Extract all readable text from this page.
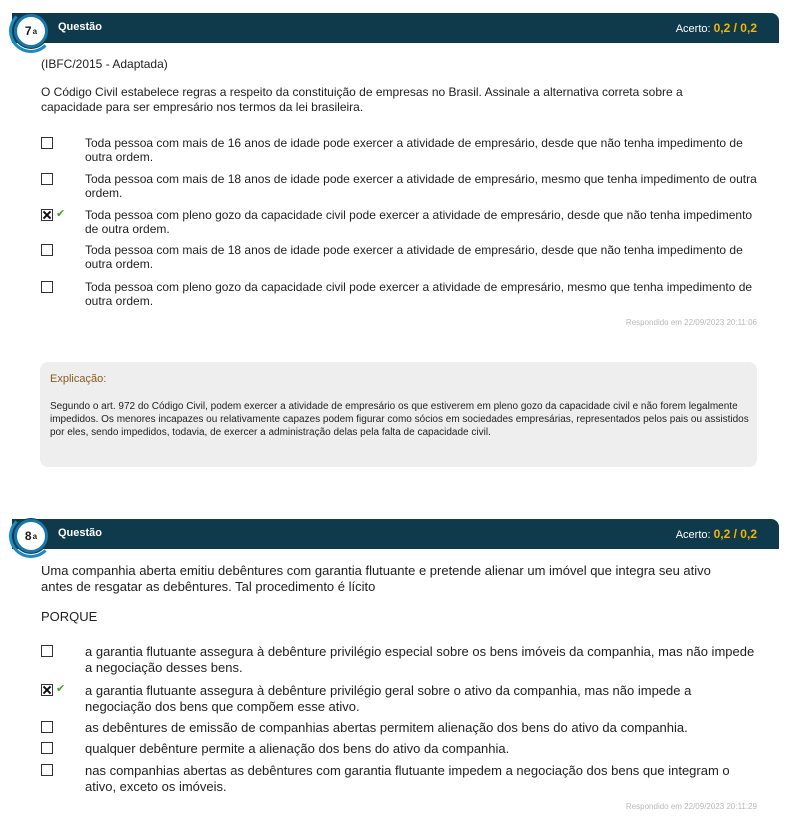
7 a Questão	Acerto: 0,2 / 0,2
(IBFC/2015 - Adaptada)
O Código Civil estabelece regras a respeito da constituição de empresas no Brasil. Assinale a alternativa correta sobre a capacidade para ser empresário nos termos da lei brasileira.
Toda pessoa com mais de 16 anos de idade pode exercer a atividade de empresário, desde que não tenha impedimento de outra ordem.
Toda pessoa com mais de 18 anos de idade pode exercer a atividade de empresário, mesmo que tenha impedimento de outra ordem.
✔ Toda pessoa com pleno gozo da capacidade civil pode exercer a atividade de empresário, desde que não tenha impedimento de outra ordem.
Toda pessoa com mais de 18 anos de idade pode exercer a atividade de empresário, desde que não tenha impedimento de outra ordem.
Toda pessoa com pleno gozo da capacidade civil pode exercer a atividade de empresário, mesmo que tenha impedimento de outra ordem.
Respondido em 22/09/2023 20:11:06
Explicação:
Segundo o art. 972 do Código Civil, podem exercer a atividade de empresário os que estiverem em pleno gozo da capacidade civil e não forem legalmente impedidos. Os menores incapazes ou relativamente capazes podem figurar como sócios em sociedades empresárias, representados pelos pais ou assistidos por eles, sendo impedidos, todavia, de exercer a administração delas pela falta de capacidade civil.
8 a Questão	Acerto: 0,2 / 0,2
Uma companhia aberta emitiu debêntures com garantia flutuante e pretende alienar um imóvel que integra seu ativo antes de resgatar as debêntures. Tal procedimento é lícito
PORQUE
a garantia flutuante assegura à debênture privilégio especial sobre os bens imóveis da companhia, mas não impede a negociação desses bens.
✔ a garantia flutuante assegura à debênture privilégio geral sobre o ativo da companhia, mas não impede a negociação dos bens que compõem esse ativo.
as debêntures de emissão de companhias abertas permitem alienação dos bens do ativo da companhia.
qualquer debênture permite a alienação dos bens do ativo da companhia.
nas companhias abertas as debêntures com garantia flutuante impedem a negociação dos bens que integram o ativo, exceto os imóveis.
Respondido em 22/09/2023 20:11:29
